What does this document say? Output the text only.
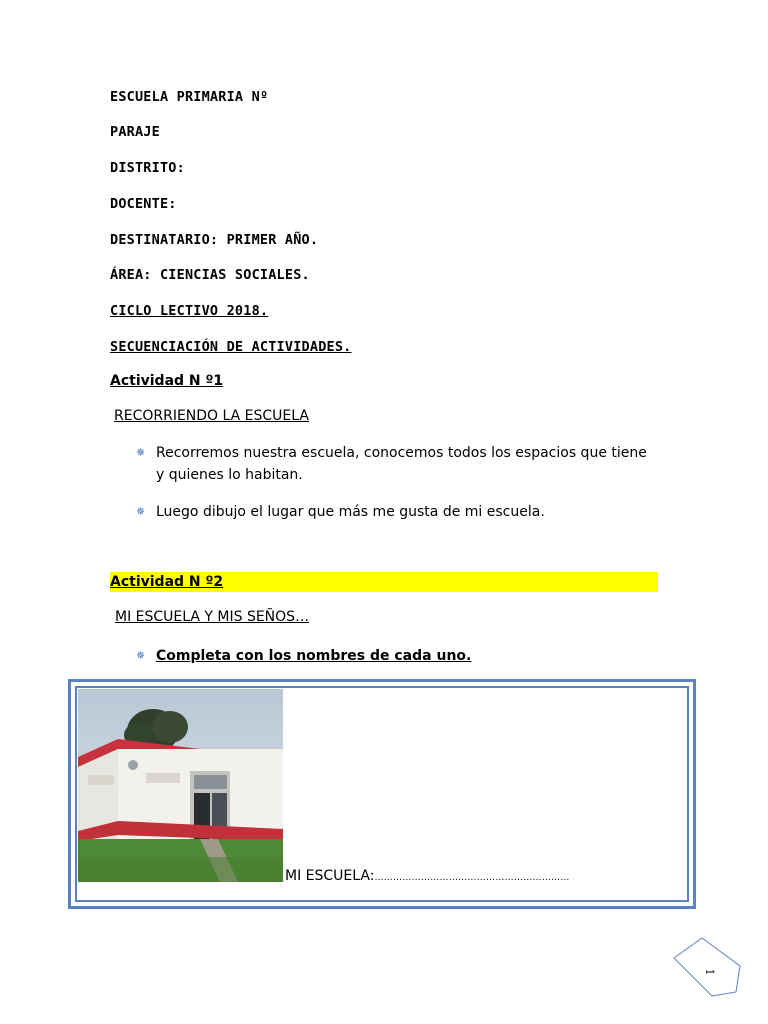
ESCUELA PRIMARIA Nº
PARAJE
DISTRITO:
DOCENTE:
DESTINATARIO: PRIMER AÑO.
ÁREA: CIENCIAS SOCIALES.
CICLO LECTIVO 2018.
SECUENCIACIÓN DE ACTIVIDADES.
Actividad N º1
RECORRIENDO LA ESCUELA
✵ Recorremos nuestra escuela, conocemos todos los espacios que tiene y quienes lo habitan.
✵ Luego dibujo el lugar que más me gusta de mi escuela.
Actividad N º2
MI ESCUELA Y MIS SEÑOS…
✵ Completa con los nombres de cada uno.
MI ESCUELA:………………………………………………………
1
